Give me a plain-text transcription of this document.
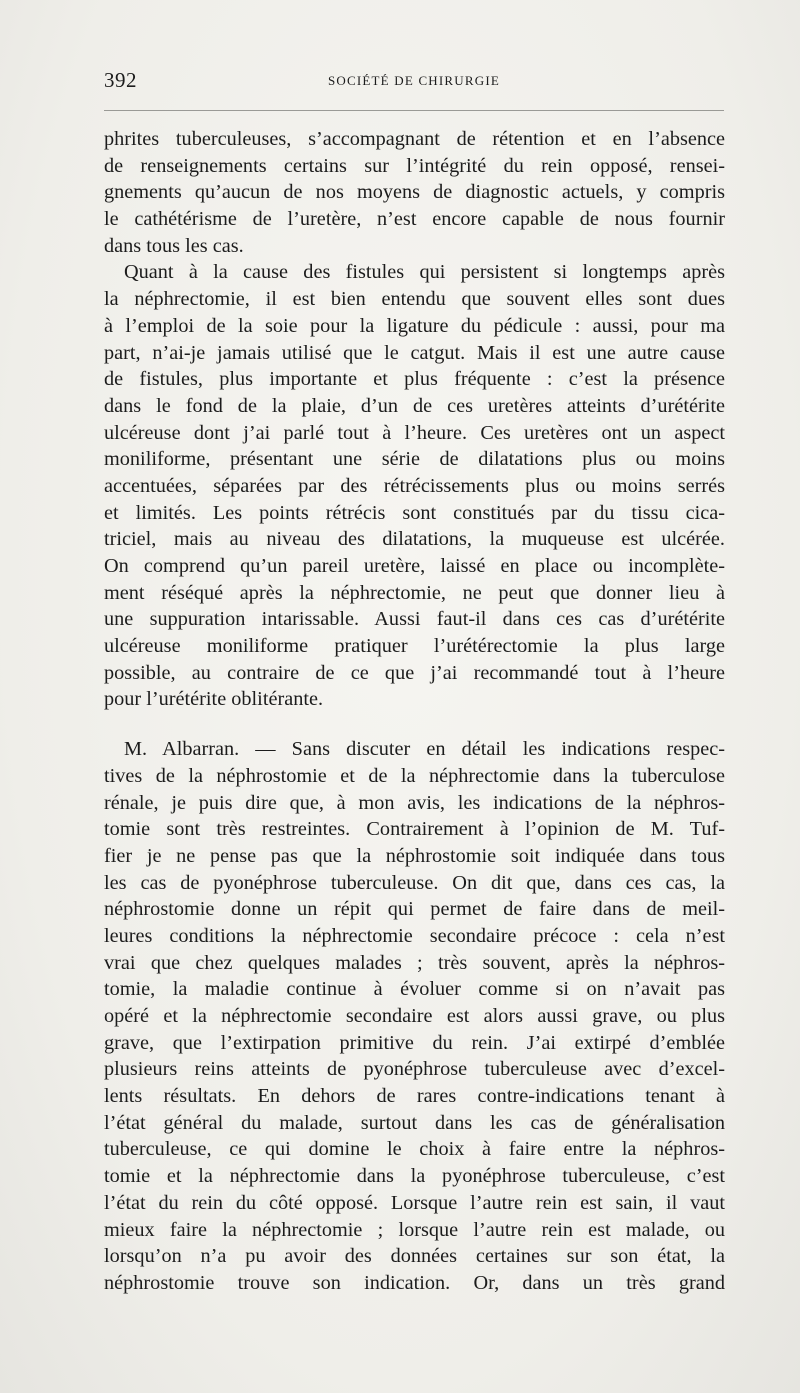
392	SOCIÉTÉ DE CHIRURGIE
phrites tuberculeuses, s’accompagnant de rétention et en l’absence
de renseignements certains sur l’intégrité du rein opposé, rensei-
gnements qu’aucun de nos moyens de diagnostic actuels, y compris
le cathétérisme de l’uretère, n’est encore capable de nous fournir
dans tous les cas.
Quant à la cause des fistules qui persistent si longtemps après
la néphrectomie, il est bien entendu que souvent elles sont dues
à l’emploi de la soie pour la ligature du pédicule : aussi, pour ma
part, n’ai-je jamais utilisé que le catgut. Mais il est une autre cause
de fistules, plus importante et plus fréquente : c’est la présence
dans le fond de la plaie, d’un de ces uretères atteints d’urétérite
ulcéreuse dont j’ai parlé tout à l’heure. Ces uretères ont un aspect
moniliforme, présentant une série de dilatations plus ou moins
accentuées, séparées par des rétrécissements plus ou moins serrés
et limités. Les points rétrécis sont constitués par du tissu cica-
triciel, mais au niveau des dilatations, la muqueuse est ulcérée.
On comprend qu’un pareil uretère, laissé en place ou incomplète-
ment réséqué après la néphrectomie, ne peut que donner lieu à
une suppuration intarissable. Aussi faut-il dans ces cas d’urétérite
ulcéreuse moniliforme pratiquer l’urétérectomie la plus large
possible, au contraire de ce que j’ai recommandé tout à l’heure
pour l’urétérite oblitérante.
M. Albarran. — Sans discuter en détail les indications respec-
tives de la néphrostomie et de la néphrectomie dans la tuberculose
rénale, je puis dire que, à mon avis, les indications de la néphros-
tomie sont très restreintes. Contrairement à l’opinion de M. Tuf-
fier je ne pense pas que la néphrostomie soit indiquée dans tous
les cas de pyonéphrose tuberculeuse. On dit que, dans ces cas, la
néphrostomie donne un répit qui permet de faire dans de meil-
leures conditions la néphrectomie secondaire précoce : cela n’est
vrai que chez quelques malades ; très souvent, après la néphros-
tomie, la maladie continue à évoluer comme si on n’avait pas
opéré et la néphrectomie secondaire est alors aussi grave, ou plus
grave, que l’extirpation primitive du rein. J’ai extirpé d’emblée
plusieurs reins atteints de pyonéphrose tuberculeuse avec d’excel-
lents résultats. En dehors de rares contre-indications tenant à
l’état général du malade, surtout dans les cas de généralisation
tuberculeuse, ce qui domine le choix à faire entre la néphros-
tomie et la néphrectomie dans la pyonéphrose tuberculeuse, c’est
l’état du rein du côté opposé. Lorsque l’autre rein est sain, il vaut
mieux faire la néphrectomie ; lorsque l’autre rein est malade, ou
lorsqu’on n’a pu avoir des données certaines sur son état, la
néphrostomie trouve son indication. Or, dans un très grand
